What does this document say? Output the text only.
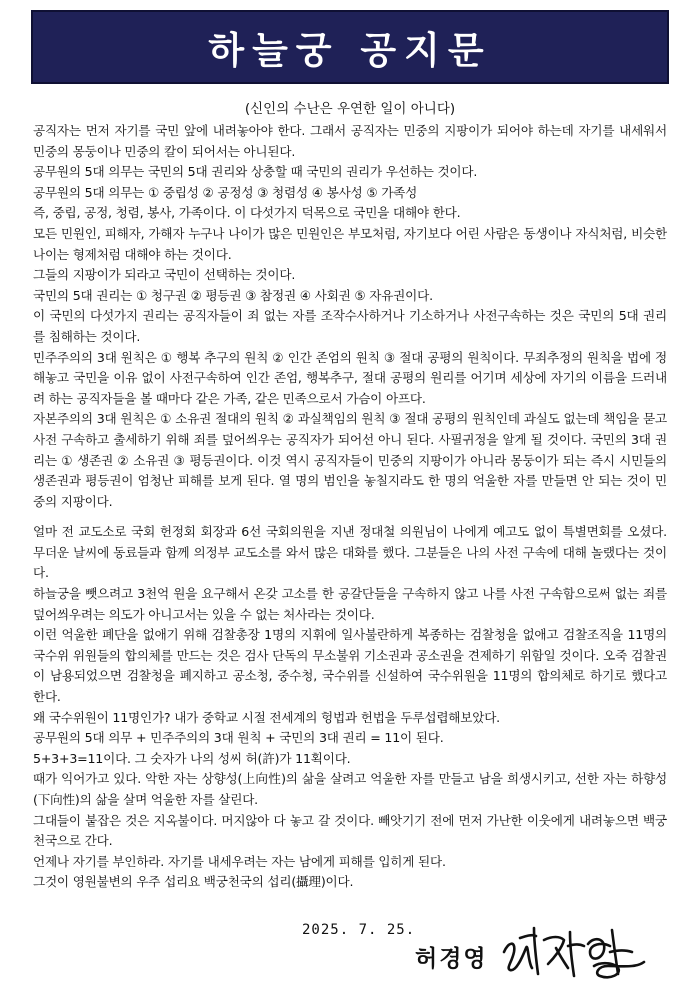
하늘궁 공지문
(신인의 수난은 우연한 일이 아니다)

공직자는 먼저 자기를 국민 앞에 내려놓아야 한다. 그래서 공직자는 민중의 지팡이가 되어야 하는데 자기를 내세워서 민중의 몽둥이나 민중의 칼이 되어서는 아니된다.

공무원의 5대 의무는 국민의 5대 권리와 상충할 때 국민의 권리가 우선하는 것이다.

공무원의 5대 의무는 ① 중립성 ② 공정성 ③ 청렴성 ④ 봉사성 ⑤ 가족성

즉, 중립, 공정, 청렴, 봉사, 가족이다. 이 다섯가지 덕목으로 국민을 대해야 한다.

모든 민원인, 피해자, 가해자 누구나 나이가 많은 민원인은 부모처럼, 자기보다 어린 사람은 동생이나 자식처럼, 비슷한 나이는 형제처럼 대해야 하는 것이다.

그들의 지팡이가 되라고 국민이 선택하는 것이다.

국민의 5대 권리는 ① 청구권 ② 평등권 ③ 참정권 ④ 사회권 ⑤ 자유권이다.

이 국민의 다섯가지 권리는 공직자들이 죄 없는 자를 조작수사하거나 기소하거나 사전구속하는 것은 국민의 5대 권리를 침해하는 것이다.

민주주의의 3대 원칙은 ① 행복 추구의 원칙 ② 인간 존엄의 원칙 ③ 절대 공평의 원칙이다. 무죄추정의 원칙을 법에 정해놓고 국민을 이유 없이 사전구속하여 인간 존엄, 행복추구, 절대 공평의 원리를 어기며 세상에 자기의 이름을 드러내려 하는 공직자들을 볼 때마다 같은 가족, 같은 민족으로서 가슴이 아프다.

자본주의의 3대 원칙은 ① 소유권 절대의 원칙 ② 과실책임의 원칙 ③ 절대 공평의 원칙인데 과실도 없는데 책임을 묻고 사전 구속하고 출세하기 위해 죄를 덮어씌우는 공직자가 되어선 아니 된다. 사필귀정을 알게 될 것이다. 국민의 3대 권리는 ① 생존권 ② 소유권 ③ 평등권이다. 이것 역시 공직자들이 민중의 지팡이가 아니라 몽둥이가 되는 즉시 시민들의 생존권과 평등권이 엄청난 피해를 보게 된다. 열 명의 범인을 놓칠지라도 한 명의 억울한 자를 만들면 안 되는 것이 민중의 지팡이다.

얼마 전 교도소로 국회 헌정회 회장과 6선 국회의원을 지낸 정대철 의원님이 나에게 예고도 없이 특별면회를 오셨다. 무더운 날씨에 동료들과 함께 의정부 교도소를 와서 많은 대화를 했다. 그분들은 나의 사전 구속에 대해 놀랬다는 것이다.

하늘궁을 뺏으려고 3천억 원을 요구해서 온갖 고소를 한 공갈단들을 구속하지 않고 나를 사전 구속함으로써 없는 죄를 덮어씌우려는 의도가 아니고서는 있을 수 없는 처사라는 것이다.

이런 억울한 폐단을 없애기 위해 검찰총장 1명의 지휘에 일사불란하게 복종하는 검찰청을 없애고 검찰조직을 11명의 국수위 위원들의 합의체를 만드는 것은 검사 단독의 무소불위 기소권과 공소권을 견제하기 위함일 것이다. 오죽 검찰권이 남용되었으면 검찰청을 폐지하고 공소청, 중수청, 국수위를 신설하여 국수위원을 11명의 합의체로 하기로 했다고 한다.

왜 국수위원이 11명인가? 내가 중학교 시절 전세계의 헝법과 헌법을 두루섭렵해보았다.

공무원의 5대 의무 + 민주주의의 3대 원칙 + 국민의 3대 권리 = 11이 된다.

5+3+3=11이다. 그 숫자가 나의 성씨 허(許)가 11획이다.

때가 익어가고 있다. 악한 자는 상향성(上向性)의 삶을 살려고 억울한 자를 만들고 남을 희생시키고, 선한 자는 하향성(下向性)의 삶을 살며 억울한 자를 살린다.

그대들이 붙잡은 것은 지옥불이다. 머지않아 다 놓고 갈 것이다. 빼앗기기 전에 먼저 가난한 이웃에게 내려놓으면 백궁천국으로 간다.

언제나 자기를 부인하라. 자기를 내세우려는 자는 남에게 피해를 입히게 된다.

그것이 영원불변의 우주 섭리요 백궁천국의 섭리(攝理)이다.

2025. 7. 25.
허경영
